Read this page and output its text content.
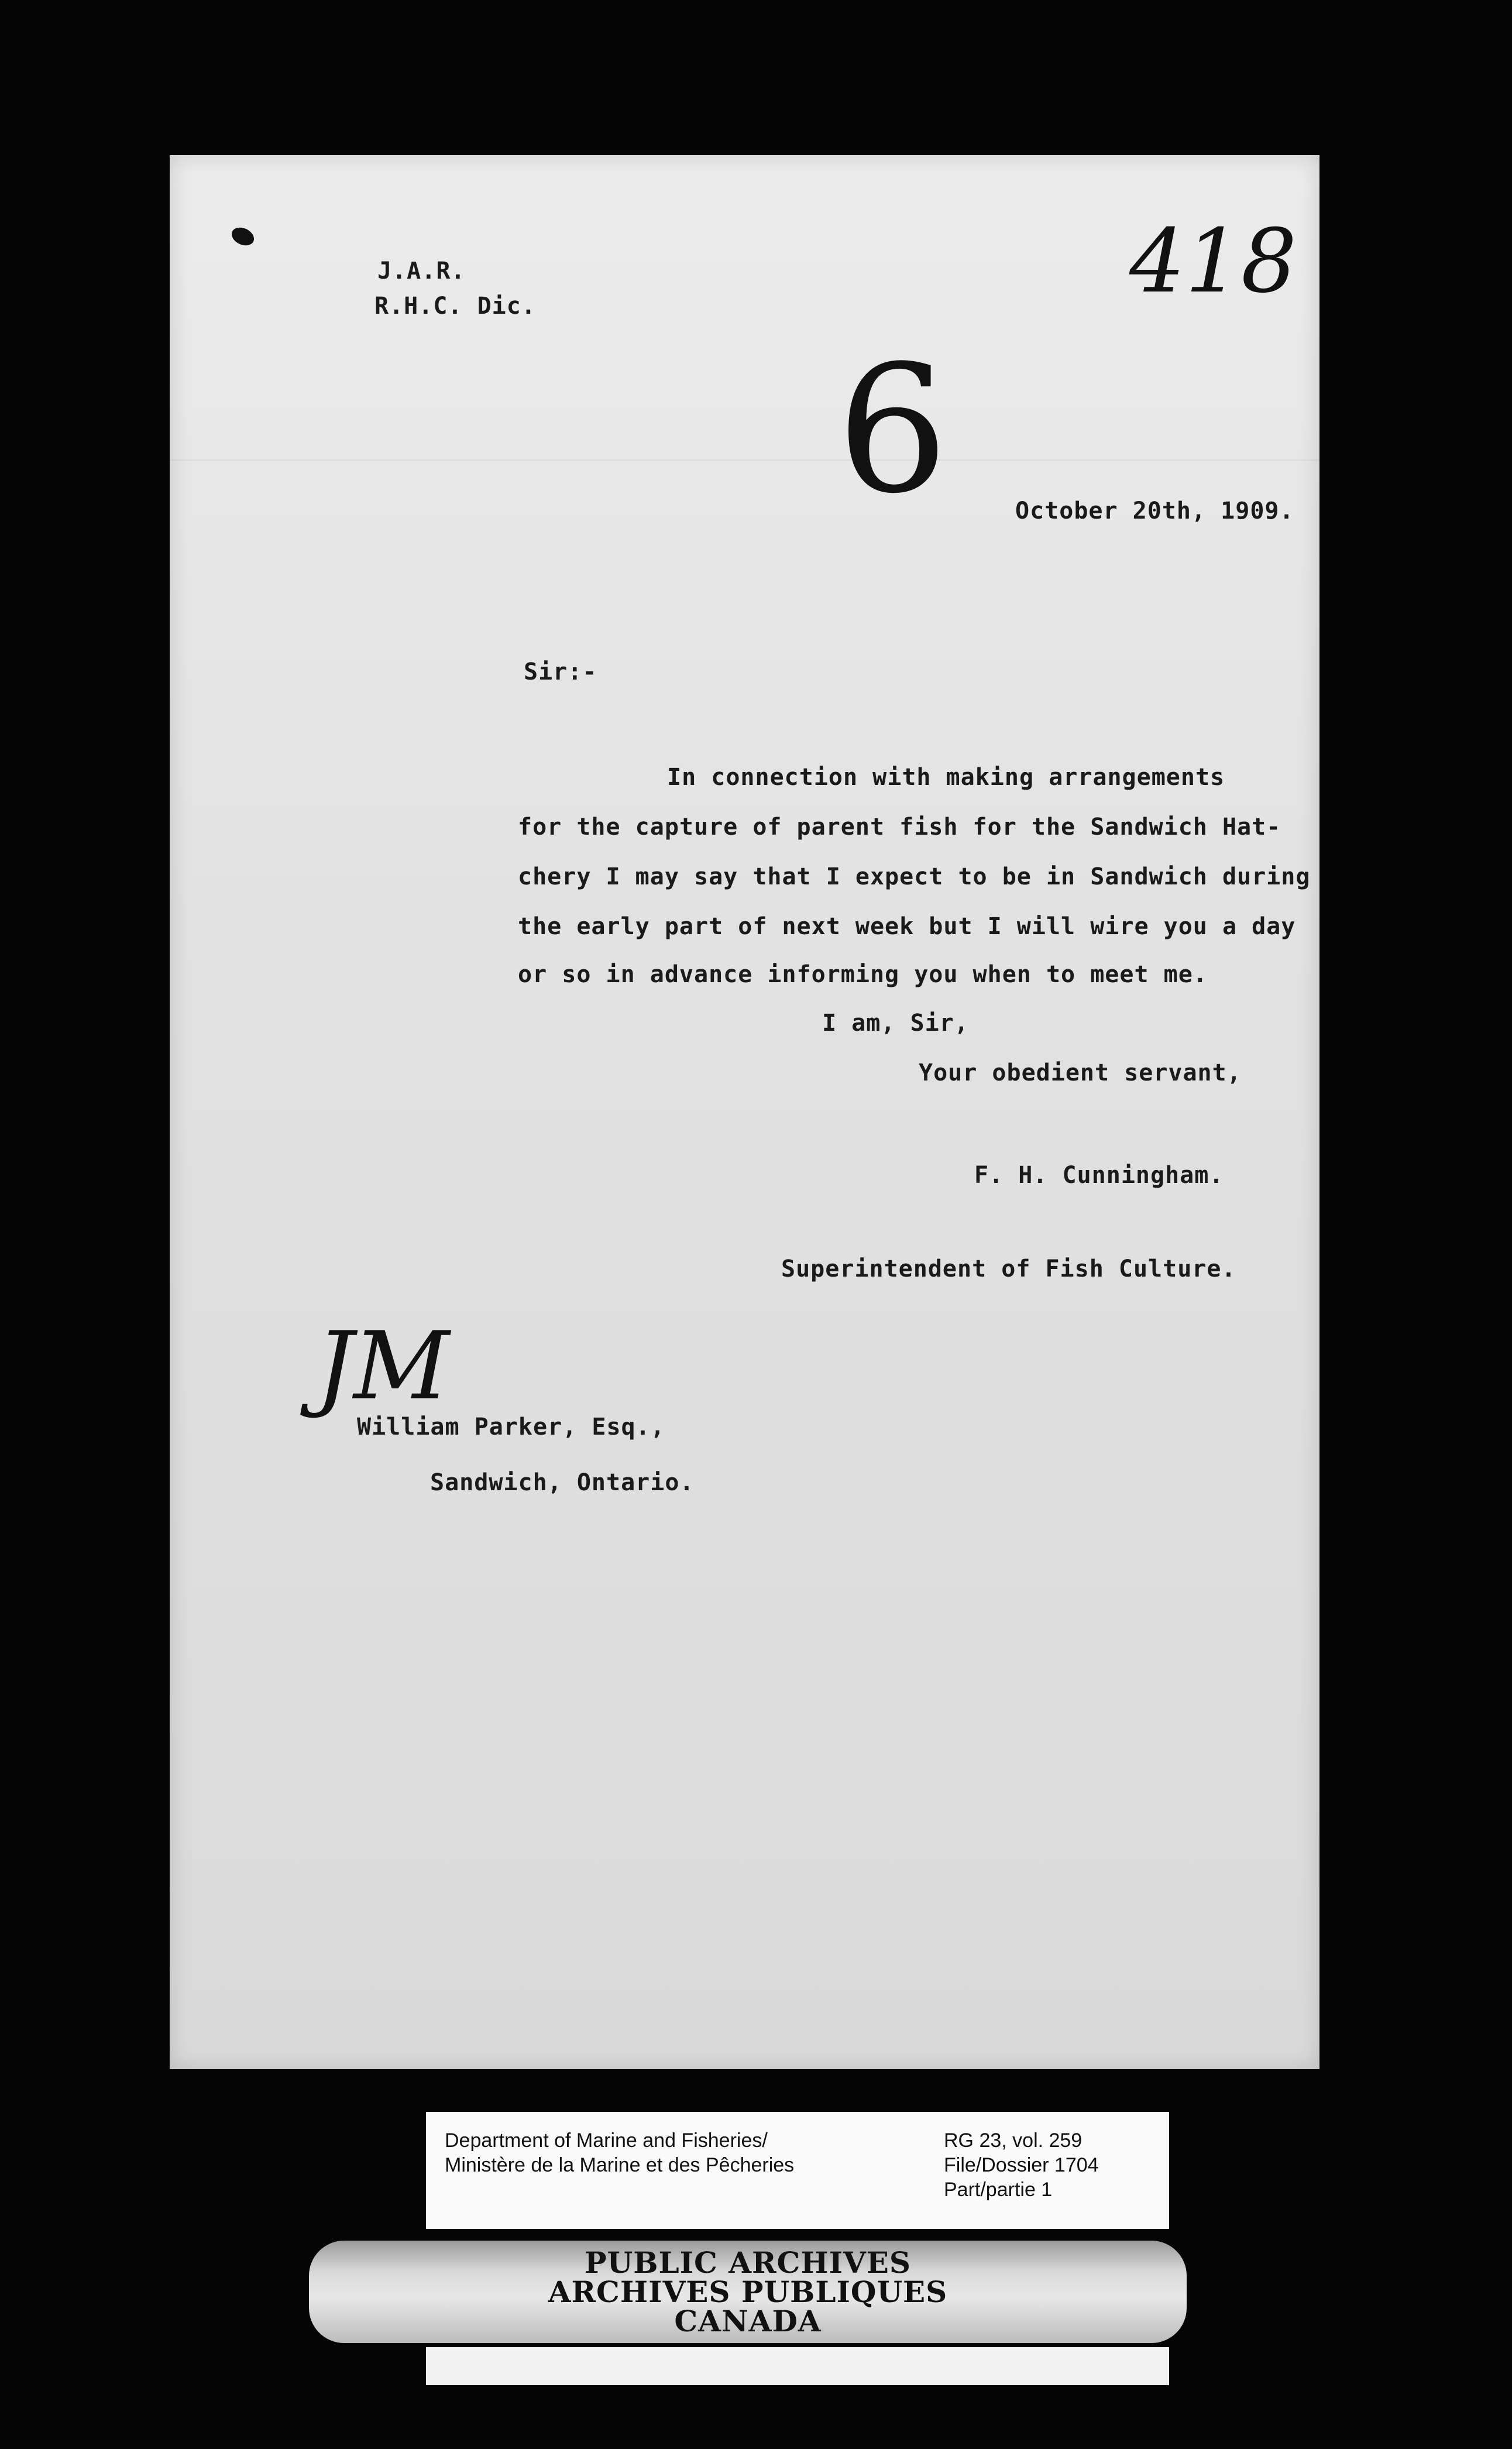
418
J.A.R.
R.H.C. Dic.
6	October 20th, 1909.
Sir:-
In connection with making arrangements
for the capture of parent fish for the Sandwich Hat-
chery I may say that I expect to be in Sandwich during
the early part of next week but I will wire you a day
or so in advance informing you when to meet me.
I am, Sir,
Your obedient servant,
F. H. Cunningham.
Superintendent of Fish Culture.
JM
William Parker, Esq.,
Sandwich, Ontario.
Department of Marine and Fisheries/
Ministère de la Marine et des Pêcheries
RG 23, vol. 259
File/Dossier 1704
Part/partie 1
PUBLIC ARCHIVES
ARCHIVES PUBLIQUES
CANADA
